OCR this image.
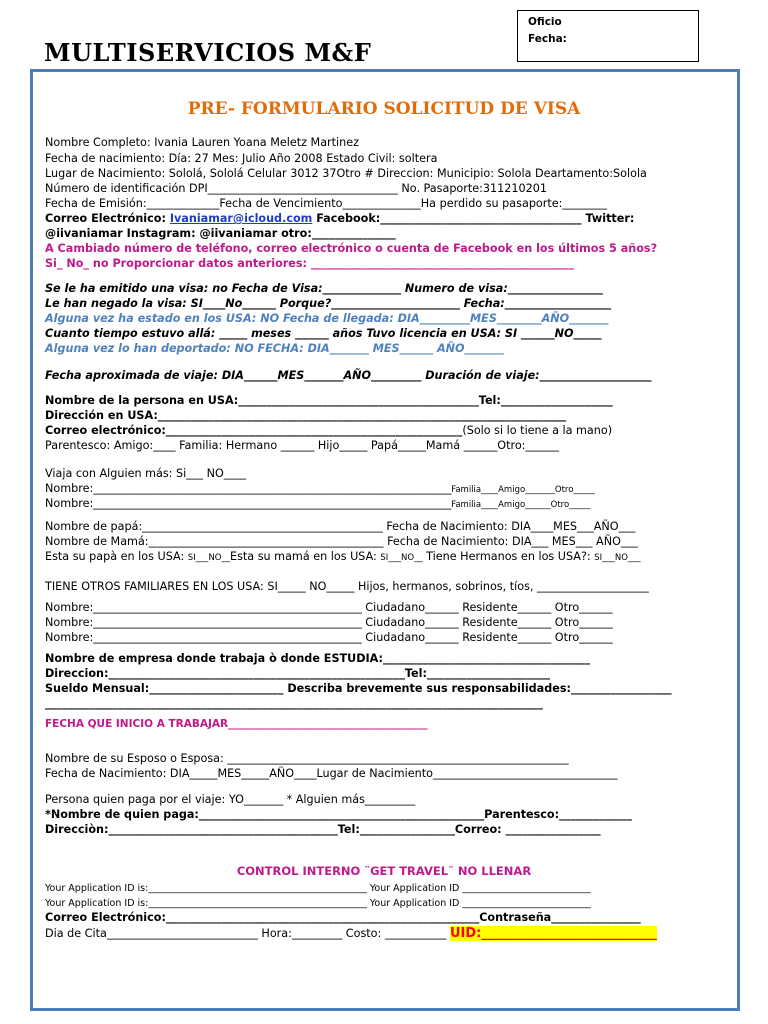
MULTISERVICIOS M&F
Oficio
Fecha:
PRE- FORMULARIO SOLICITUD DE VISA
Nombre Completo: Ivania Lauren Yoana Meletz Martinez
Fecha de nacimiento: Día: 27 Mes: Julio Año 2008 Estado Civil: soltera
Lugar de Nacimiento: Sololá, Sololá Celular 3012 37Otro # Direccion: Municipio: Solola Deartamento:Solola
Número de identificación DPI__________________________________ No. Pasaporte:311210201
Fecha de Emisión:_____________Fecha de Vencimiento______________Ha perdido su pasaporte:________
Correo Electrónico: Ivaniamar@icloud.com Facebook:____________________________________ Twitter:
@iivaniamar Instagram: @iivaniamar otro:_______________
A Cambiado número de teléfono, correo electrónico o cuenta de Facebook en los últimos 5 años?
Si_ No_ no Proporcionar datos anteriores: _______________________________________________
Se le ha emitido una visa: no Fecha de Visa:______________ Numero de visa:_________________
Le han negado la visa: SI____No______ Porque?_______________________ Fecha:___________________
Alguna vez ha estado en los USA: NO Fecha de llegada: DIA_________MES________AÑO_______
Cuanto tiempo estuvo allá: _____ meses ______ años Tuvo licencia en USA: SI ______NO_____
Alguna vez lo han deportado: NO FECHA: DIA_______ MES______ AÑO_______
Fecha aproximada de viaje: DIA______MES_______AÑO_________ Duración de viaje:____________________
Nombre de la persona en USA:___________________________________________Tel:____________________
Dirección en USA:_________________________________________________________________________
Correo electrónico:_____________________________________________________(Solo si lo tiene a la mano)
Parentesco: Amigo:____ Familia: Hermano ______ Hijo_____ Papá_____Mamá ______Otro:______
Viaja con Alguien más: Si___ NO____
Nombre:________________________________________________________________Familia____Amigo_______Otro_____
Nombre:________________________________________________________________Familia____Amigo______Otro_____
Nombre de papá:___________________________________________ Fecha de Nacimiento: DIA____MES___AÑO___
Nombre de Mamá:__________________________________________ Fecha de Nacimiento: DIA___ MES___ AÑO___
Esta su papà en los USA: SI___NO__Esta su mamá en los USA: SI___NO__ Tiene Hermanos en los USA?: SI___NO___
TIENE OTROS FAMILIARES EN LOS USA: SI_____ NO_____ Hijos, hermanos, sobrinos, tíos, ____________________
Nombre:________________________________________________ Ciudadano______ Residente______ Otro______
Nombre:________________________________________________ Ciudadano______ Residente______ Otro______
Nombre:________________________________________________ Ciudadano______ Residente______ Otro______
Nombre de empresa donde trabaja ò donde ESTUDIA:_____________________________________
Direccion:_____________________________________________________Tel:______________________
Sueldo Mensual:________________________ Describa brevemente sus responsabilidades:__________________
_________________________________________________________________________________________
FECHA QUE INICIO A TRABAJAR______________________________________
Nombre de su Esposo o Esposa: _____________________________________________________________
Fecha de Nacimiento: DIA_____MES_____AÑO____Lugar de Nacimiento_________________________________
Persona quien paga por el viaje: YO_______ * Alguien más_________
*Nombre de quien paga:___________________________________________________Parentesco:_____________
Direcciòn:_________________________________________Tel:_________________Correo: _________________
CONTROL INTERNO ¨GET TRAVEL¨ NO LLENAR
Your Application ID is:______________________________________________ Your Application ID ___________________________
Your Application ID is:______________________________________________ Your Application ID ___________________________
Correo Electrónico:________________________________________________________Contraseña________________
Dia de Cita___________________________ Hora:_________ Costo: ___________ UID:___________________________
